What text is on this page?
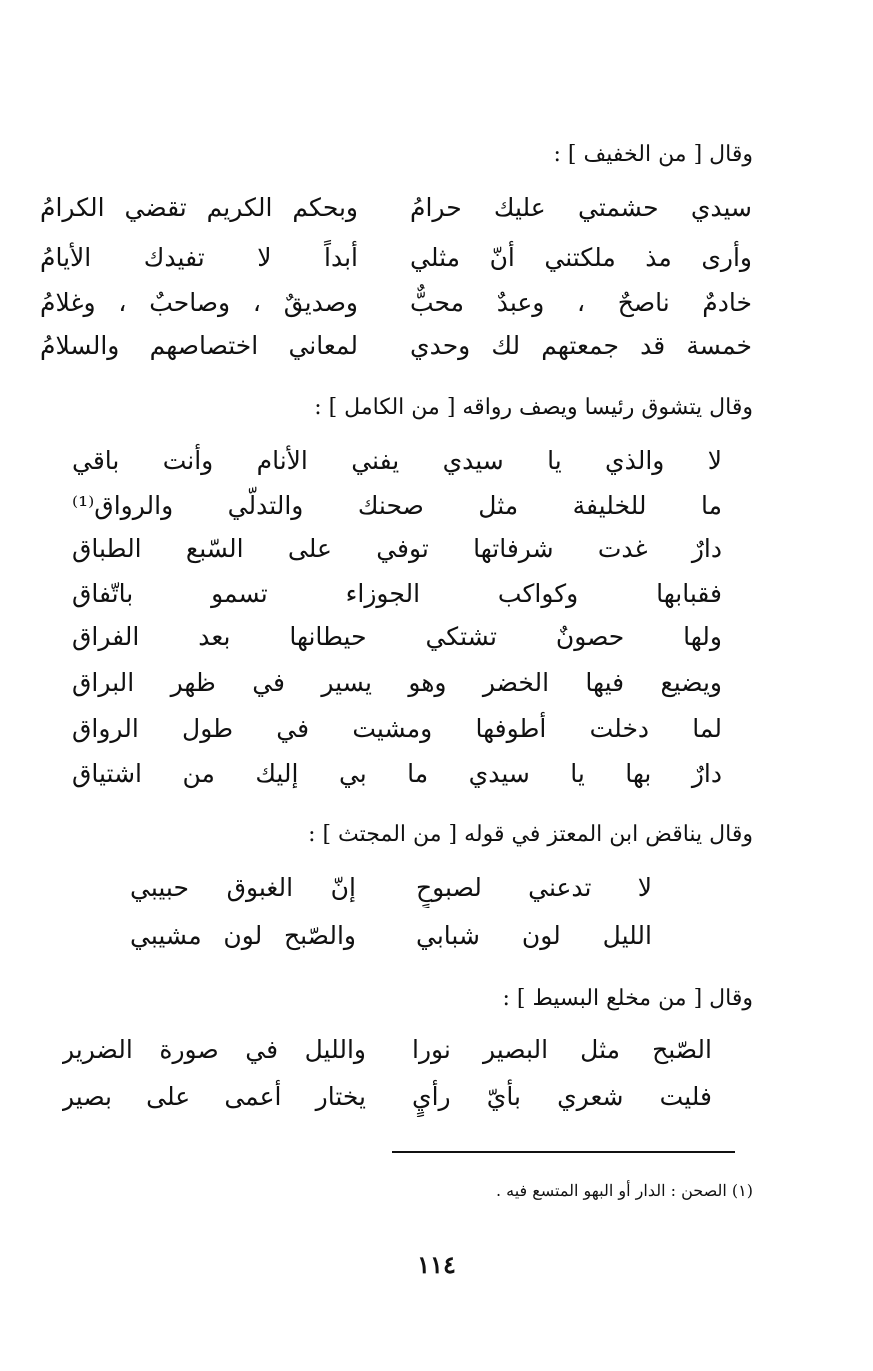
وقال [ من الخفيف ] :
سيدي حشمتي عليك حرامُ
وبحكم الكريم تقضي الكرامُ
وأرى مذ ملكتني أنّ مثلي
أبداً لا تفيدك الأيامُ
خادمٌ ناصحٌ ، وعبدٌ محبٌّ
وصديقٌ ، وصاحبٌ ، وغلامُ
خمسة قد جمعتهم لك وحدي
لمعاني اختصاصهم والسلامُ
وقال يتشوق رئيسا ويصف رواقه [ من الكامل ] :
لا والذي يا سيدي يفني الأنام وأنت باقي
ما للخليفة مثل صحنك والتدلّي والرواق⁽¹⁾
دارٌ غدت شرفاتها توفي على السّبع الطباق
فقبابها وكواكب الجوزاء تسمو باتّفاق
ولها حصونٌ تشتكي حيطانها بعد الفراق
ويضيع فيها الخضر وهو يسير في ظهر البراق
لما دخلت أطوفها ومشيت في طول الرواق
دارٌ بها يا سيدي ما بي إليك من اشتياق
وقال يناقض ابن المعتز في قوله [ من المجتث ] :
لا تدعني لصبوحٍ
إنّ الغبوق حبيبي
الليل لون شبابي
والصّبح لون مشيبي
وقال [ من مخلع البسيط ] :
الصّبح مثل البصير نورا
والليل في صورة الضرير
فليت شعري بأيّ رأيٍ
يختار أعمى على بصير
(١) الصحن : الدار أو البهو المتسع فيه .
١١٤
